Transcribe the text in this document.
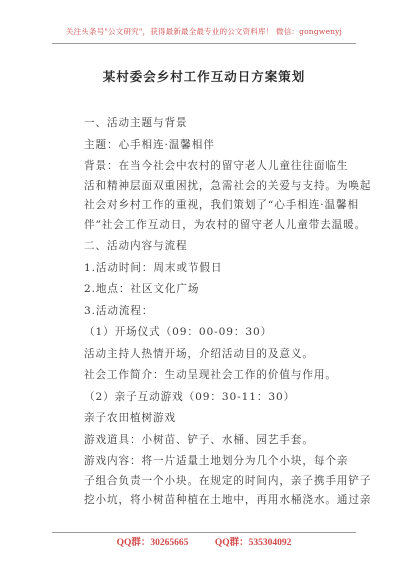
关注头条号"公文研究"，获得最新最全最专业的公文资料库！ 微信：gongwenyj
某村委会乡村工作互动日方案策划

一、活动主题与背景

主题：心手相连·温馨相伴

背景：在当今社会中农村的留守老人儿童往往面临生

活和精神层面双重困扰，急需社会的关爱与支持。为唤起

社会对乡村工作的重视，我们策划了“心手相连·温馨相

伴”社会工作互动日，为农村的留守老人儿童带去温暖。

二、活动内容与流程

1.活动时间：周末或节假日

2.地点：社区文化广场

3.活动流程：

（1）开场仪式（09：00-09：30）

活动主持人热情开场，介绍活动目的及意义。

社会工作简介：生动呈现社会工作的价值与作用。

（2）亲子互动游戏（09：30-11：30）

亲子农田植树游戏

游戏道具：小树苗、铲子、水桶、园艺手套。

游戏内容：将一片适量土地划分为几个小块，每个亲

子组合负责一个小块。在规定的时间内，亲子携手用铲子

挖小坑，将小树苗种植在土地中，再用水桶浇水。通过亲

QQ群：30265665	QQ群：535304092
